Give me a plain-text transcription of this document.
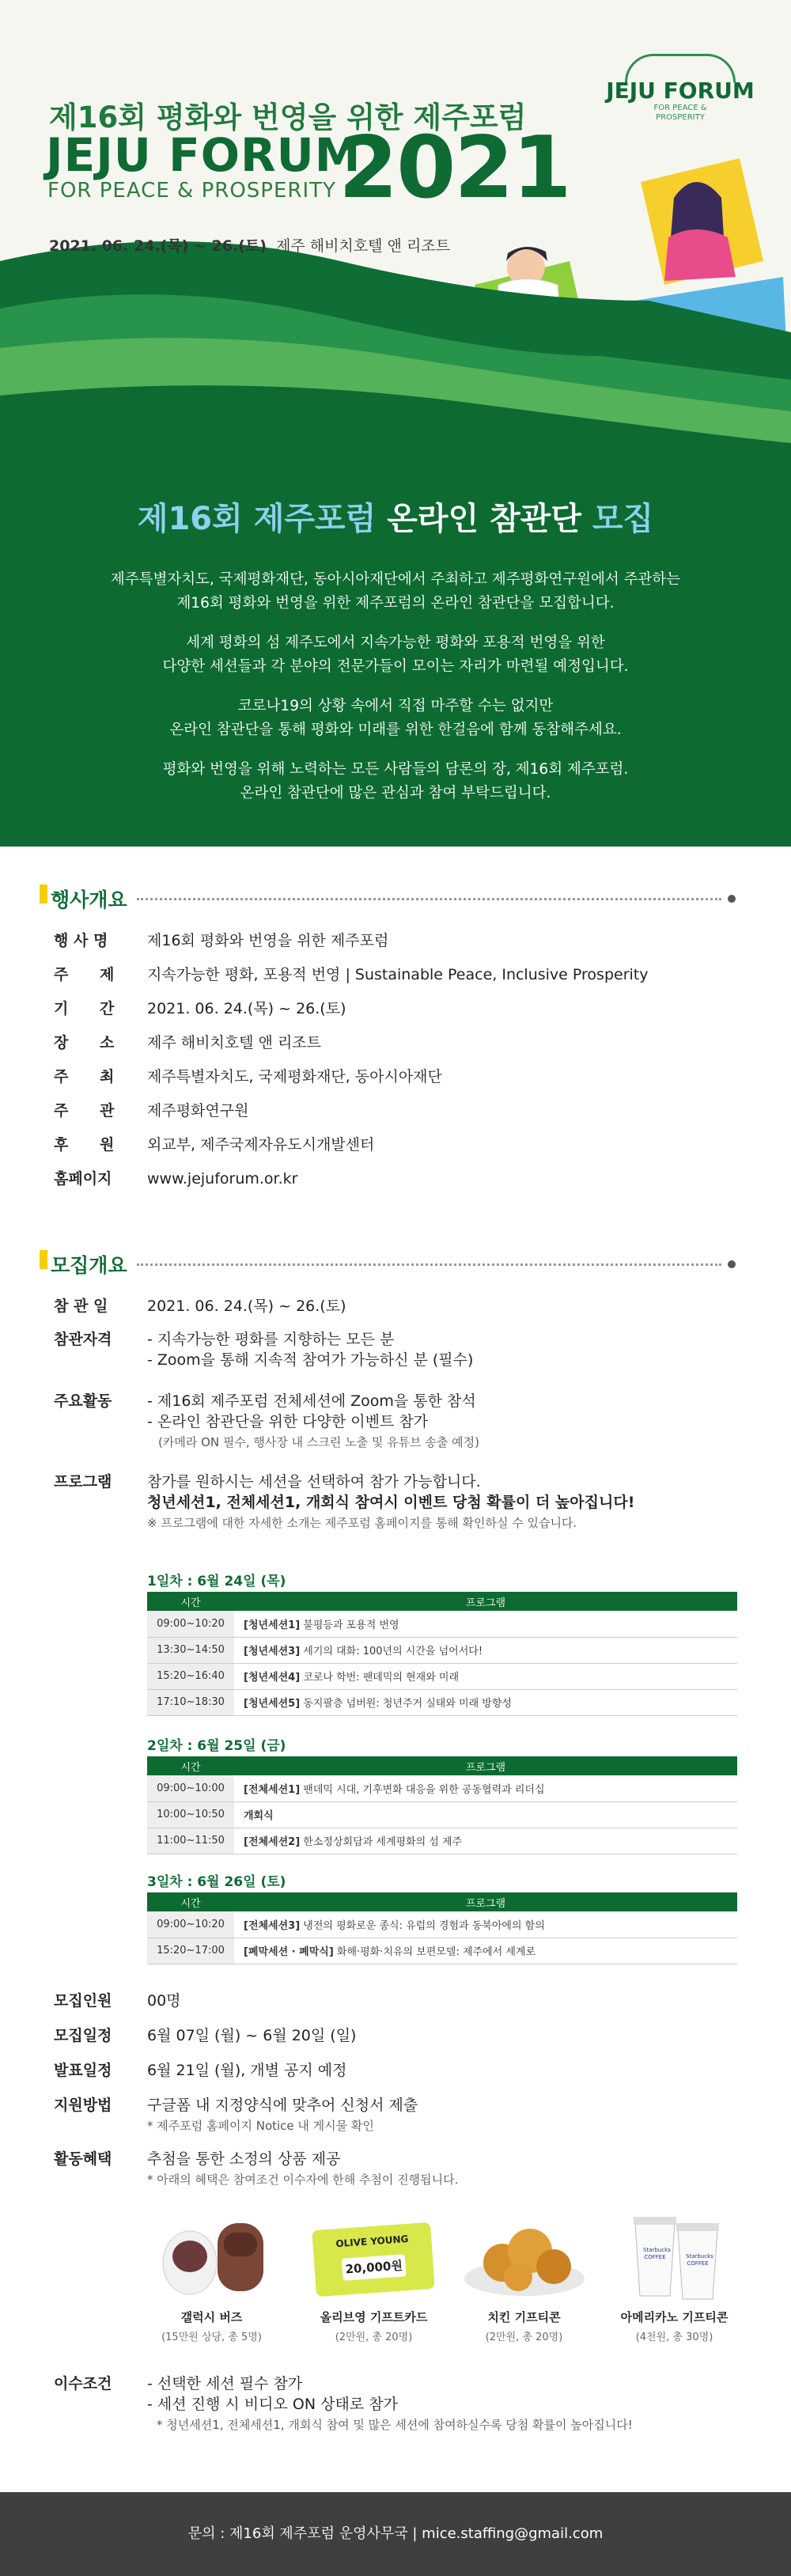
제16회 평화와 번영을 위한 제주포럼
JEJU FORUM
FOR PEACE & PROSPERITY 2021
2021. 06. 24.(목) ~ 26.(토) 제주 해비치호텔 앤 리조트
JEJU FORUM
FOR PEACE &
PROSPERITY
제16회 제주포럼 온라인 참관단 모집
제주특별자치도, 국제평화재단, 동아시아재단에서 주최하고 제주평화연구원에서 주관하는
제16회 평화와 번영을 위한 제주포럼의 온라인 참관단을 모집합니다.
세계 평화의 섬 제주도에서 지속가능한 평화와 포용적 번영을 위한
다양한 세션들과 각 분야의 전문가들이 모이는 자리가 마련될 예정입니다.
코로나19의 상황 속에서 직접 마주할 수는 없지만
온라인 참관단을 통해 평화와 미래를 위한 한걸음에 함께 동참해주세요.
평화와 번영을 위해 노력하는 모든 사람들의 담론의 장, 제16회 제주포럼.
온라인 참관단에 많은 관심과 참여 부탁드립니다.
행사개요
행 사 명	제16회 평화와 번영을 위한 제주포럼
주      제	지속가능한 평화, 포용적 번영 | Sustainable Peace, Inclusive Prosperity
기      간	2021. 06. 24.(목) ~ 26.(토)
장      소	제주 해비치호텔 앤 리조트
주      최	제주특별자치도, 국제평화재단, 동아시아재단
주      관	제주평화연구원
후      원	외교부, 제주국제자유도시개발센터
홈페이지	www.jejuforum.or.kr
모집개요
참 관 일	2021. 06. 24.(목) ~ 26.(토)
참관자격	- 지속가능한 평화를 지향하는 모든 분
- Zoom을 통해 지속적 참여가 가능하신 분 (필수)
주요활동	- 제16회 제주포럼 전체세션에 Zoom을 통한 참석
- 온라인 참관단을 위한 다양한 이벤트 참가
(카메라 ON 필수, 행사장 내 스크린 노출 및 유튜브 송출 예정)
프로그램	참가를 원하시는 세션을 선택하여 참가 가능합니다.
청년세션1, 전체세션1, 개회식 참여시 이벤트 당첨 확률이 더 높아집니다!
※ 프로그램에 대한 자세한 소개는 제주포럼 홈페이지를 통해 확인하실 수 있습니다.
1일차 : 6월 24일 (목)
시간	프로그램
09:00~10:20	[청년세션1] 불평등과 포용적 번영
13:30~14:50	[청년세션3] 세기의 대화: 100년의 시간을 넘어서다!
15:20~16:40	[청년세션4] 코로나 학번: 팬데믹의 현재와 미래
17:10~18:30	[청년세션5] 동지팔층 넘버원: 청년주거 실태와 미래 방향성
2일차 : 6월 25일 (금)
시간	프로그램
09:00~10:00	[전체세션1] 팬데믹 시대, 기후변화 대응을 위한 공동협력과 리더십
10:00~10:50	개회식
11:00~11:50	[전체세션2] 한소정상회담과 세계평화의 섬 제주
3일차 : 6월 26일 (토)
시간	프로그램
09:00~10:20	[전체세션3] 냉전의 평화로운 종식: 유럽의 경험과 동북아에의 함의
15:20~17:00	[폐막세션 · 폐막식] 화해·평화·치유의 보편모델: 제주에서 세계로
모집인원	00명
모집일정	6월 07일 (월) ~ 6월 20일 (일)
발표일정	6월 21일 (월), 개별 공지 예정
지원방법	구글폼 내 지정양식에 맞추어 신청서 제출
* 제주포럼 홈페이지 Notice 내 게시물 확인
활동혜택	추첨을 통한 소정의 상품 제공
* 아래의 혜택은 참여조건 이수자에 한해 추첨이 진행됩니다.
갤럭시 버즈
(15만원 상당, 총 5명)
OLIVE YOUNG
20,000원
올리브영 기프트카드
(2만원, 총 20명)
치킨 기프티콘
(2만원, 총 20명)
Starbucks COFFEE	Starbucks COFFEE
아메리카노 기프티콘
(4천원, 총 30명)
이수조건	- 선택한 세션 필수 참가
- 세션 진행 시 비디오 ON 상태로 참가
* 청년세션1, 전체세션1, 개회식 참여 및 많은 세션에 참여하실수록 당첨 확률이 높아집니다!
문의 : 제16회 제주포럼 운영사무국 | mice.staffing@gmail.com
